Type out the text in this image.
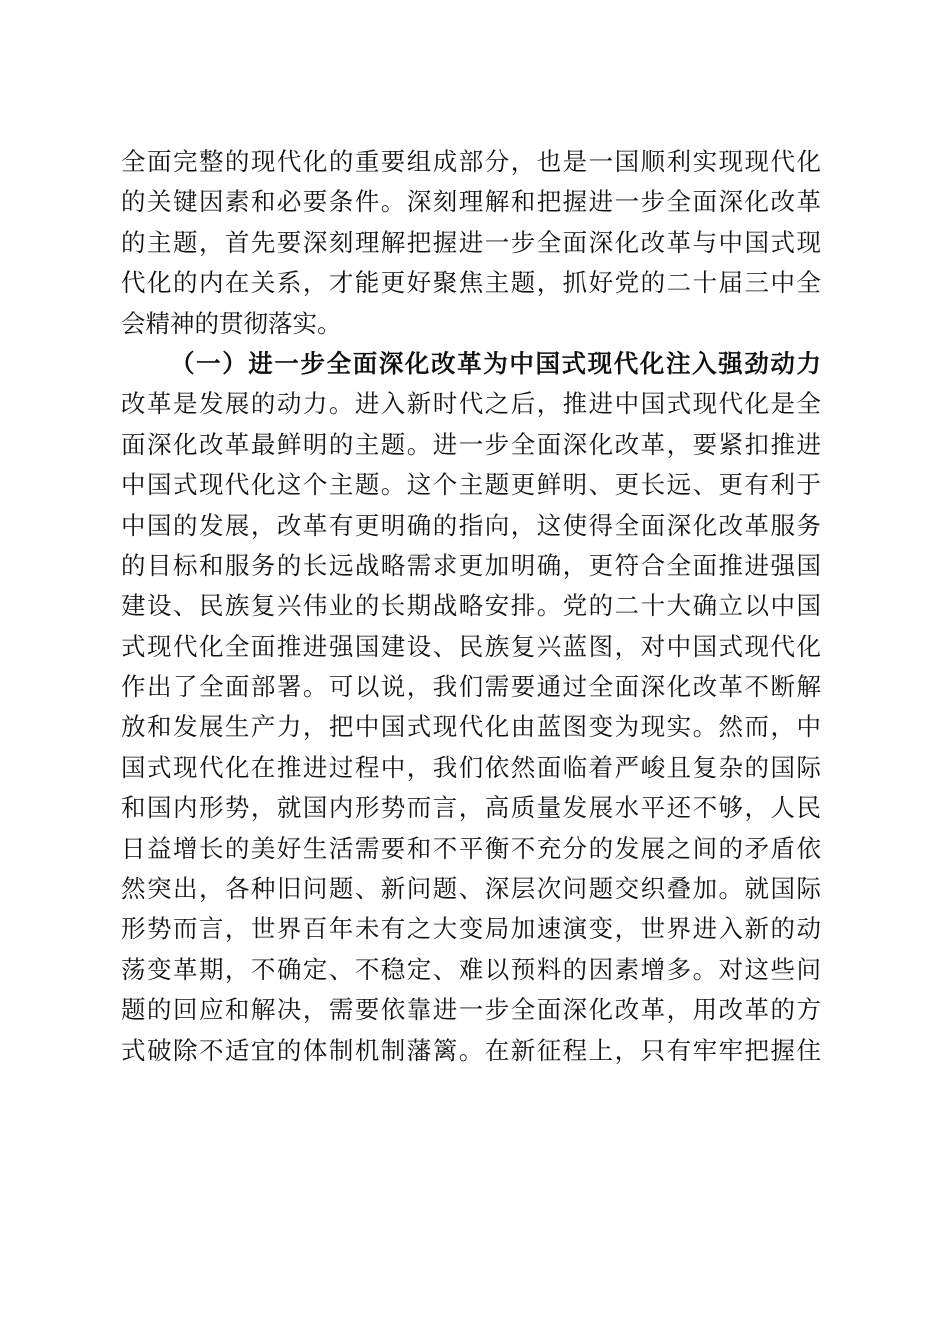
全面完整的现代化的重要组成部分，也是一国顺利实现现代化
的关键因素和必要条件。深刻理解和把握进一步全面深化改革
的主题，首先要深刻理解把握进一步全面深化改革与中国式现
代化的内在关系，才能更好聚焦主题，抓好党的二十届三中全
会精神的贯彻落实。
（一）进一步全面深化改革为中国式现代化注入强劲动力
改革是发展的动力。进入新时代之后，推进中国式现代化是全
面深化改革最鲜明的主题。进一步全面深化改革，要紧扣推进
中国式现代化这个主题。这个主题更鲜明、更长远、更有利于
中国的发展，改革有更明确的指向，这使得全面深化改革服务
的目标和服务的长远战略需求更加明确，更符合全面推进强国
建设、民族复兴伟业的长期战略安排。党的二十大确立以中国
式现代化全面推进强国建设、民族复兴蓝图，对中国式现代化
作出了全面部署。可以说，我们需要通过全面深化改革不断解
放和发展生产力，把中国式现代化由蓝图变为现实。然而，中
国式现代化在推进过程中，我们依然面临着严峻且复杂的国际
和国内形势，就国内形势而言，高质量发展水平还不够，人民
日益增长的美好生活需要和不平衡不充分的发展之间的矛盾依
然突出，各种旧问题、新问题、深层次问题交织叠加。就国际
形势而言，世界百年未有之大变局加速演变，世界进入新的动
荡变革期，不确定、不稳定、难以预料的因素增多。对这些问
题的回应和解决，需要依靠进一步全面深化改革，用改革的方
式破除不适宜的体制机制藩篱。在新征程上，只有牢牢把握住
